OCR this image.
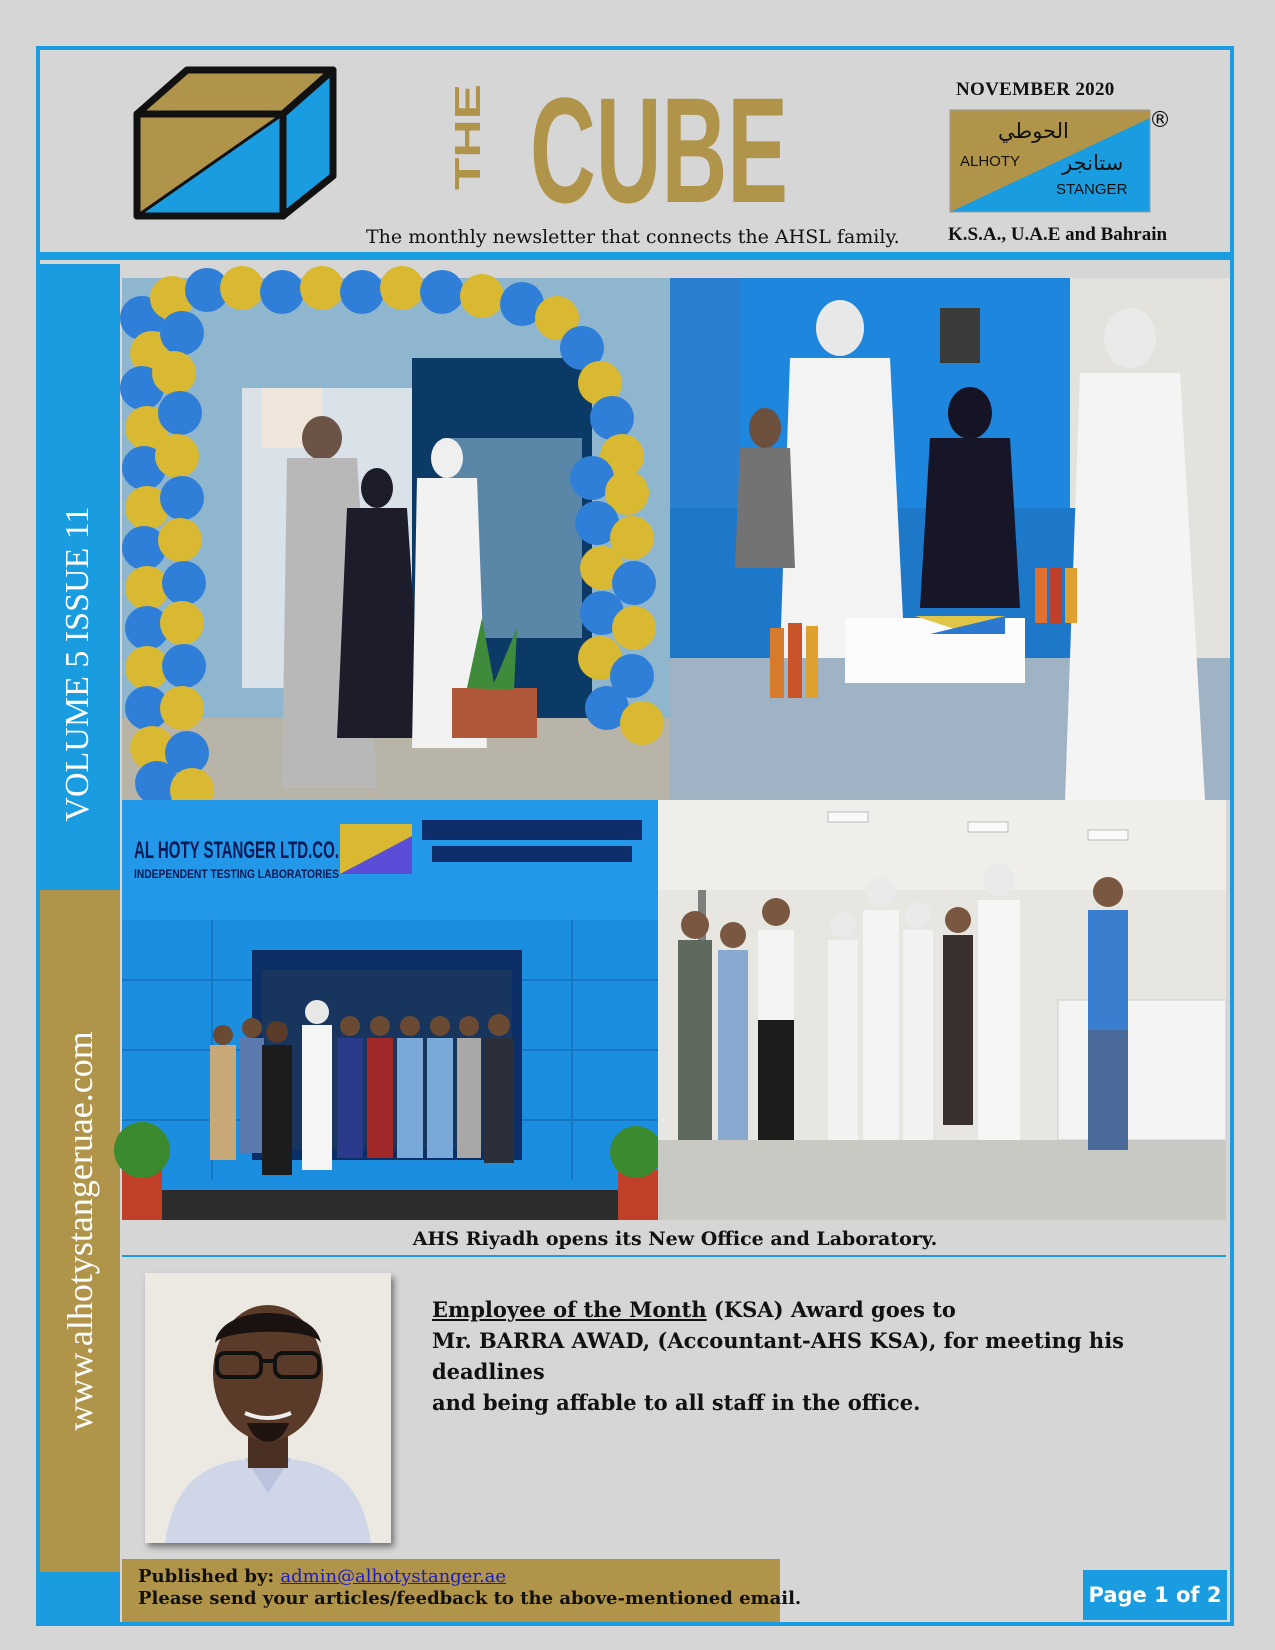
THE CUBE
The monthly newsletter that connects the AHSL family.
NOVEMBER 2020
الحوطي
ALHOTY ستانجر
STANGER
®
K.S.A., U.A.E and Bahrain
VOLUME 5 ISSUE 11
www.alhotystangeruae.com
AL HOTY STANGER LTD.CO.
INDEPENDENT TESTING LABORATORIES
AHS Riyadh opens its New Office and Laboratory.
Employee of the Month (KSA) Award goes to
Mr. BARRA AWAD, (Accountant-AHS KSA), for meeting his deadlines
and being affable to all staff in the office.
Published by: admin@alhotystanger.ae
Please send your articles/feedback to the above-mentioned email.	Page 1 of 2
